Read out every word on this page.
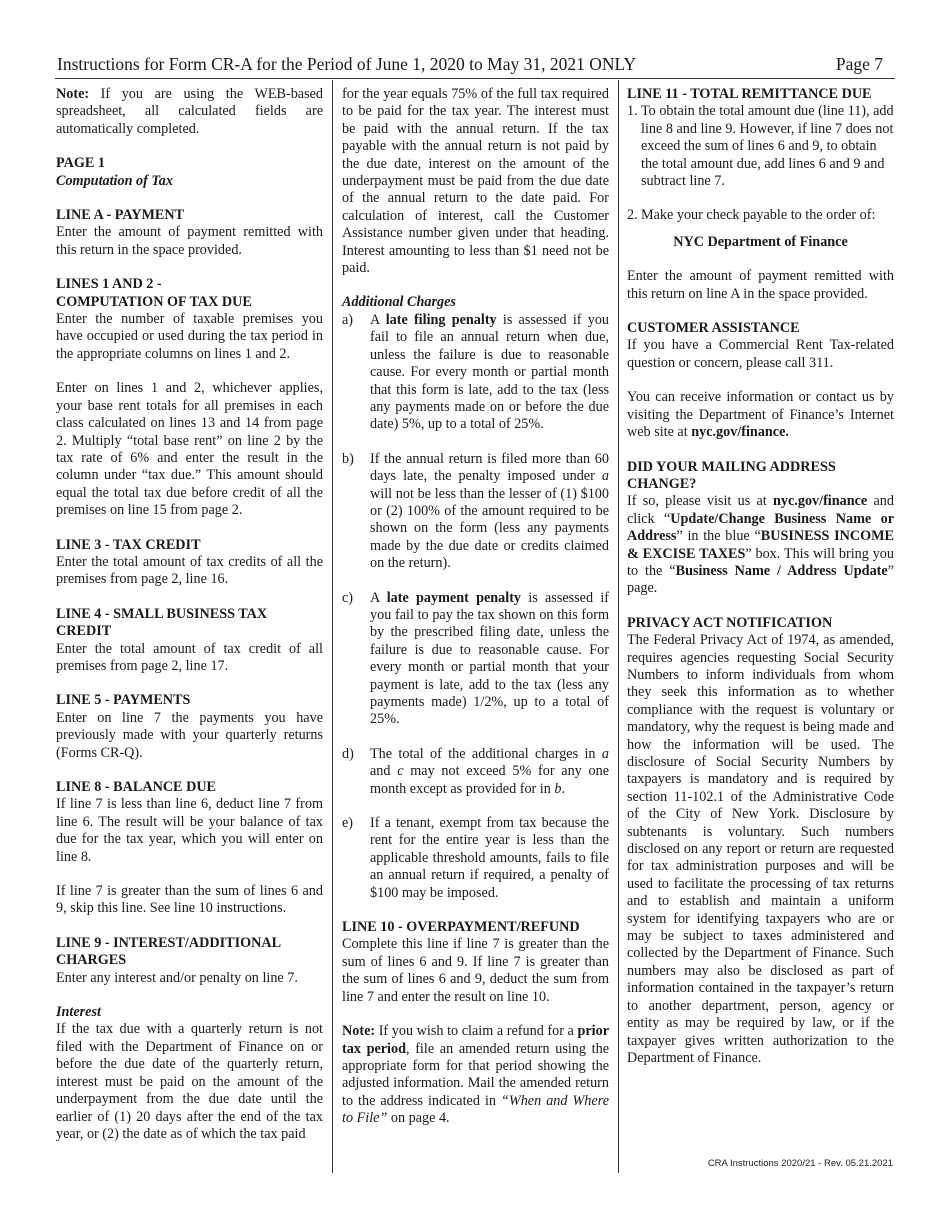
Instructions for Form CR-A for the Period of June 1, 2020 to May 31, 2021 ONLY	Page 7

Note: If you are using the WEB-based spreadsheet, all calculated fields are automatically completed.

PAGE 1

Computation of Tax

LINE A - PAYMENT

Enter the amount of payment remitted with this return in the space provided.

LINES 1 AND 2 -
COMPUTATION OF TAX DUE

Enter the number of taxable premises you have occupied or used during the tax period in the appropriate columns on lines 1 and 2.

Enter on lines 1 and 2, whichever applies, your base rent totals for all premises in each class calculated on lines 13 and 14 from page 2. Multiply “total base rent” on line 2 by the tax rate of 6% and enter the result in the column under “tax due.” This amount should equal the total tax due before credit of all the premises on line 15 from page 2.

LINE 3 - TAX CREDIT

Enter the total amount of tax credits of all the premises from page 2, line 16.

LINE 4 - SMALL BUSINESS TAX CREDIT

Enter the total amount of tax credit of all premises from page 2, line 17.

LINE 5 - PAYMENTS

Enter on line 7 the payments you have previously made with your quarterly returns (Forms CR-Q).

LINE 8 - BALANCE DUE

If line 7 is less than line 6, deduct line 7 from line 6. The result will be your balance of tax due for the tax year, which you will enter on line 8.

If line 7 is greater than the sum of lines 6 and 9, skip this line. See line 10 instructions.

LINE 9 - INTEREST/ADDITIONAL CHARGES

Enter any interest and/or penalty on line 7.

Interest

If the tax due with a quarterly return is not filed with the Department of Finance on or before the due date of the quarterly return, interest must be paid on the amount of the underpayment from the due date until the earlier of (1) 20 days after the end of the tax year, or (2) the date as of which the tax paid

for the year equals 75% of the full tax required to be paid for the tax year. The interest must be paid with the annual return. If the tax payable with the annual return is not paid by the due date, interest on the amount of the underpayment must be paid from the due date of the annual return to the date paid. For calculation of interest, call the Customer Assistance number given under that heading. Interest amounting to less than $1 need not be paid.

Additional Charges

a)	A late filing penalty is assessed if you fail to file an annual return when due, unless the failure is due to reasonable cause. For every month or partial month that this form is late, add to the tax (less any payments made on or before the due date) 5%, up to a total of 25%.
b)	If the annual return is filed more than 60 days late, the penalty imposed under a will not be less than the lesser of (1) $100 or (2) 100% of the amount required to be shown on the form (less any payments made by the due date or credits claimed on the return).
c)	A late payment penalty is assessed if you fail to pay the tax shown on this form by the prescribed filing date, unless the failure is due to reasonable cause. For every month or partial month that your payment is late, add to the tax (less any payments made) 1/2%, up to a total of 25%.
d)	The total of the additional charges in a and c may not exceed 5% for any one month except as provided for in b.
e)	If a tenant, exempt from tax because the rent for the entire year is less than the applicable threshold amounts, fails to file an annual return if required, a penalty of $100 may be imposed.

LINE 10 - OVERPAYMENT/REFUND

Complete this line if line 7 is greater than the sum of lines 6 and 9. If line 7 is greater than the sum of lines 6 and 9, deduct the sum from line 7 and enter the result on line 10.

Note: If you wish to claim a refund for a prior tax period, file an amended return using the appropriate form for that period showing the adjusted information. Mail the amended return to the address indicated in “When and Where to File” on page 4.

LINE 11 - TOTAL REMITTANCE DUE

1. To obtain the total amount due (line 11), add line 8 and line 9. However, if line 7 does not exceed the sum of lines 6 and 9, to obtain the total amount due, add lines 6 and 9 and subtract line 7.
2. Make your check payable to the order of:

NYC Department of Finance

Enter the amount of payment remitted with this return on line A in the space provided.

CUSTOMER ASSISTANCE

If you have a Commercial Rent Tax-related question or concern, please call 311.

You can receive information or contact us by visiting the Department of Finance’s Internet web site at nyc.gov/finance.

DID YOUR MAILING ADDRESS CHANGE?

If so, please visit us at nyc.gov/finance and click “Update/Change Business Name or Address” in the blue “BUSINESS INCOME & EXCISE TAXES” box. This will bring you to the “Business Name / Address Update” page.

PRIVACY ACT NOTIFICATION

The Federal Privacy Act of 1974, as amended, requires agencies requesting Social Security Numbers to inform individuals from whom they seek this information as to whether compliance with the request is voluntary or mandatory, why the request is being made and how the information will be used. The disclosure of Social Security Numbers by taxpayers is mandatory and is required by section 11-102.1 of the Administrative Code of the City of New York. Disclosure by subtenants is voluntary. Such numbers disclosed on any report or return are requested for tax administration purposes and will be used to facilitate the processing of tax returns and to establish and maintain a uniform system for identifying taxpayers who are or may be subject to taxes administered and collected by the Department of Finance. Such numbers may also be disclosed as part of information contained in the taxpayer’s return to another department, person, agency or entity as may be required by law, or if the taxpayer gives written authorization to the Department of Finance.

CRA Instructions 2020/21 - Rev. 05.21.2021
